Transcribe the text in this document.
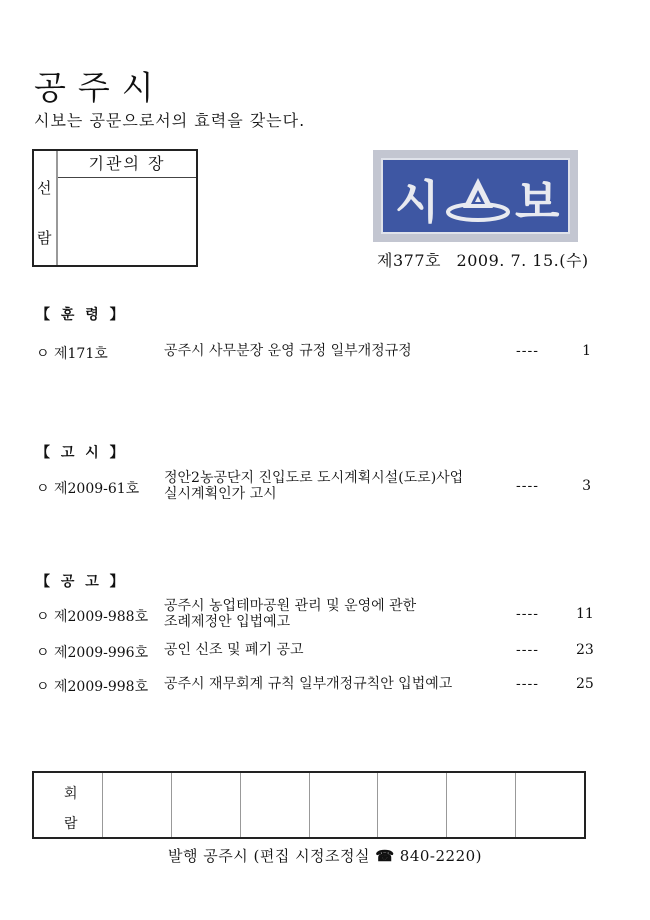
공주시
시보는 공문으로서의 효력을 갖는다.
선
람
기관의 장
시 보
제377호 2009. 7. 15.(수)
【 훈 령 】
ㅇ 제171호	공주시 사무분장 운영 규정 일부개정규정	----	1
【 고 시 】
ㅇ 제2009-61호
정안2농공단지 진입도로 도시계획시설(도로)사업
실시계획인가 고시	----	3
【 공 고 】
ㅇ 제2009-988호
공주시 농업테마공원 관리 및 운영에 관한
조례제정안 입법예고	----	11
ㅇ 제2009-996호 공인 신조 및 폐기 공고	----	23
ㅇ 제2009-998호 공주시 재무회계 규칙 일부개정규칙안 입법예고	----	25
회
람
발행 공주시 (편집 시정조정실 ☎ 840-2220)
